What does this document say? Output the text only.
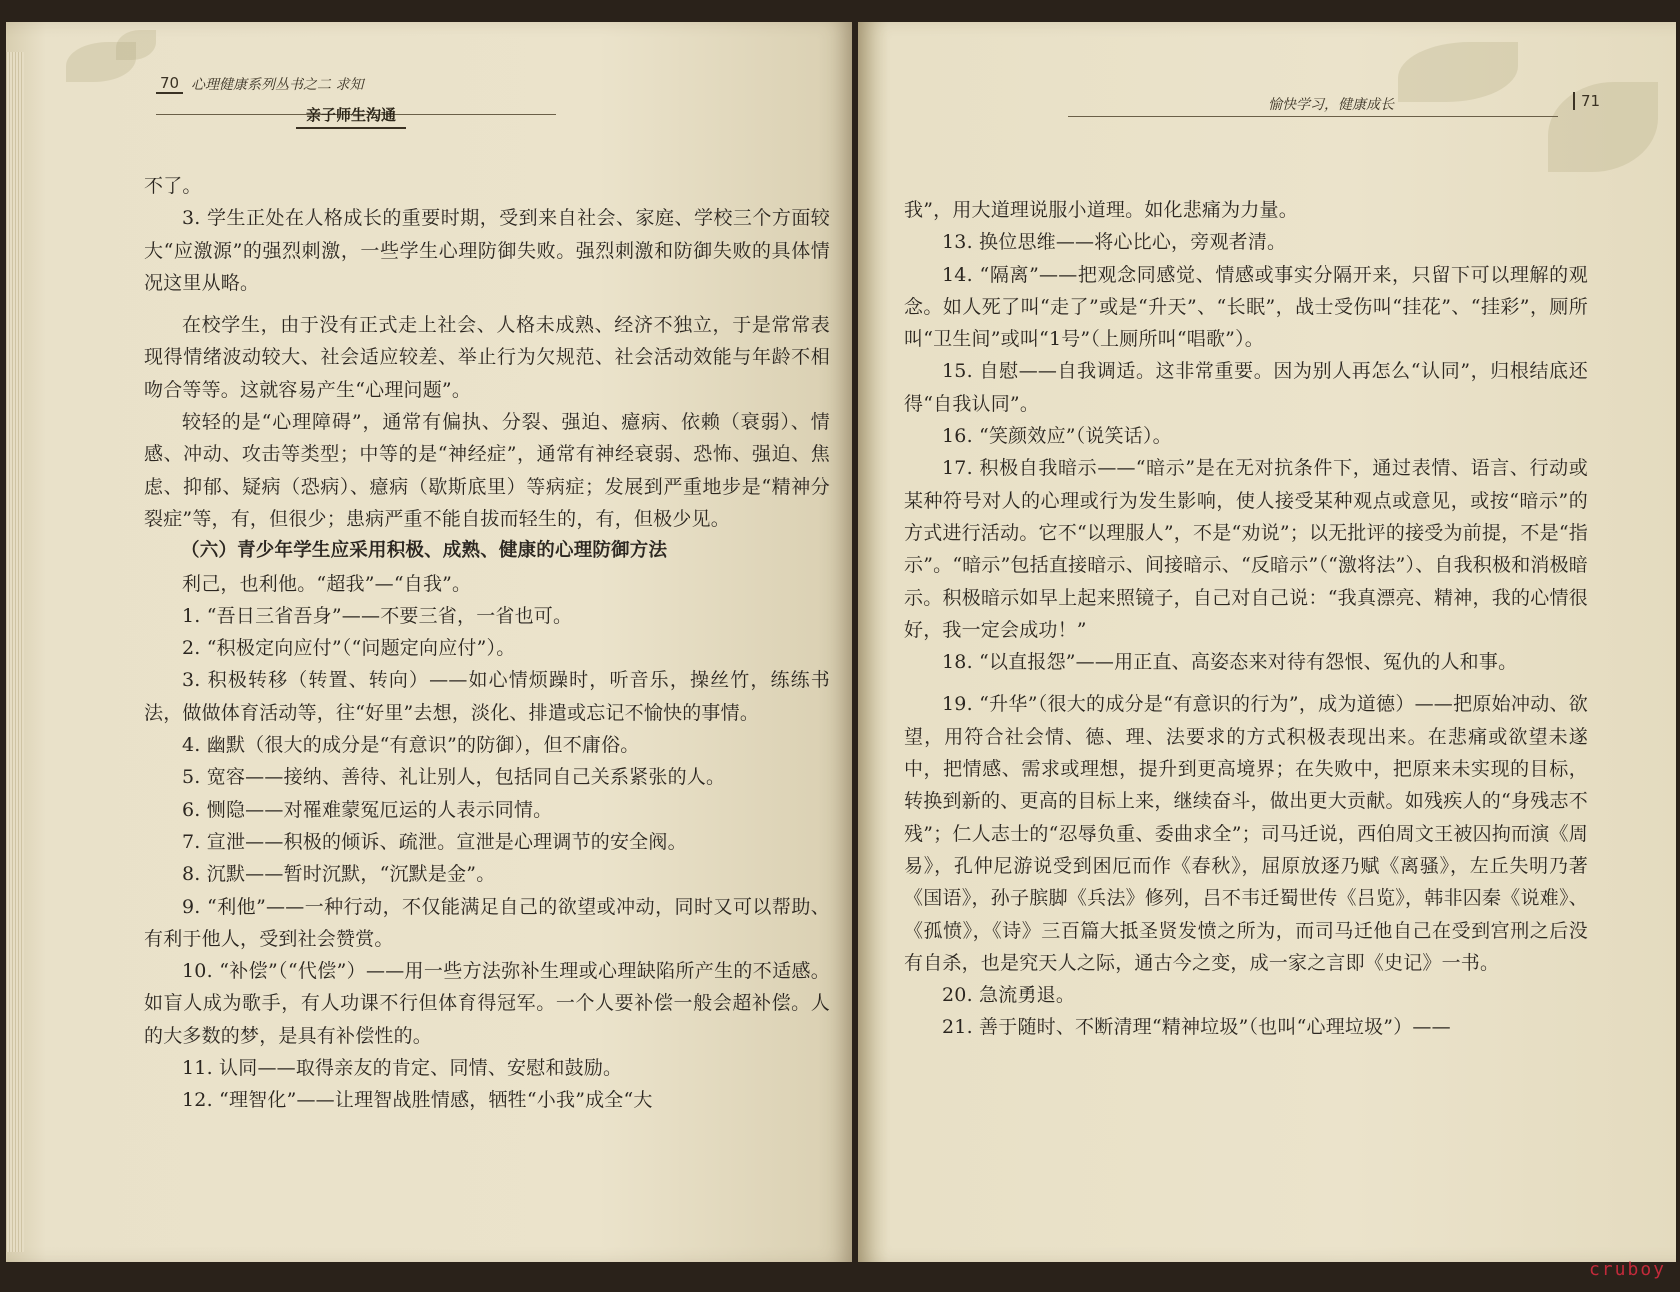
70 心理健康系列丛书之二 求知
亲子师生沟通

不了。

3. 学生正处在人格成长的重要时期，受到来自社会、家庭、学校三个方面较大“应激源”的强烈刺激，一些学生心理防御失败。强烈刺激和防御失败的具体情况这里从略。

在校学生，由于没有正式走上社会、人格未成熟、经济不独立，于是常常表现得情绪波动较大、社会适应较差、举止行为欠规范、社会活动效能与年龄不相吻合等等。这就容易产生“心理问题”。

较轻的是“心理障碍”，通常有偏执、分裂、强迫、癔病、依赖（衰弱）、情感、冲动、攻击等类型；中等的是“神经症”，通常有神经衰弱、恐怖、强迫、焦虑、抑郁、疑病（恐病）、癔病（歇斯底里）等病症；发展到严重地步是“精神分裂症”等，有，但很少；患病严重不能自拔而轻生的，有，但极少见。

（六）青少年学生应采用积极、成熟、健康的心理防御方法

利己，也利他。“超我”—“自我”。

1. “吾日三省吾身”——不要三省，一省也可。

2. “积极定向应付”（“问题定向应付”）。

3. 积极转移（转置、转向）——如心情烦躁时，听音乐，操丝竹，练练书法，做做体育活动等，往“好里”去想，淡化、排遣或忘记不愉快的事情。

4. 幽默（很大的成分是“有意识”的防御），但不庸俗。

5. 宽容——接纳、善待、礼让别人，包括同自己关系紧张的人。

6. 恻隐——对罹难蒙冤厄运的人表示同情。

7. 宣泄——积极的倾诉、疏泄。宣泄是心理调节的安全阀。

8. 沉默——暂时沉默，“沉默是金”。

9. “利他”——一种行动，不仅能满足自己的欲望或冲动，同时又可以帮助、有利于他人，受到社会赞赏。

10. “补偿”（“代偿”）——用一些方法弥补生理或心理缺陷所产生的不适感。如盲人成为歌手，有人功课不行但体育得冠军。一个人要补偿一般会超补偿。人的大多数的梦，是具有补偿性的。

11. 认同——取得亲友的肯定、同情、安慰和鼓励。

12. “理智化”——让理智战胜情感，牺牲“小我”成全“大

愉快学习，健康成长	71

我”，用大道理说服小道理。如化悲痛为力量。

13. 换位思维——将心比心，旁观者清。

14. “隔离”——把观念同感觉、情感或事实分隔开来，只留下可以理解的观念。如人死了叫“走了”或是“升天”、“长眠”，战士受伤叫“挂花”、“挂彩”，厕所叫“卫生间”或叫“1号”（上厕所叫“唱歌”）。

15. 自慰——自我调适。这非常重要。因为别人再怎么“认同”，归根结底还得“自我认同”。

16. “笑颜效应”（说笑话）。

17. 积极自我暗示——“暗示”是在无对抗条件下，通过表情、语言、行动或某种符号对人的心理或行为发生影响，使人接受某种观点或意见，或按“暗示”的方式进行活动。它不“以理服人”，不是“劝说”；以无批评的接受为前提，不是“指示”。“暗示”包括直接暗示、间接暗示、“反暗示”（“激将法”）、自我积极和消极暗示。积极暗示如早上起来照镜子，自己对自己说：“我真漂亮、精神，我的心情很好，我一定会成功！”

18. “以直报怨”——用正直、高姿态来对待有怨恨、冤仇的人和事。

19. “升华”（很大的成分是“有意识的行为”，成为道德）——把原始冲动、欲望，用符合社会情、德、理、法要求的方式积极表现出来。在悲痛或欲望未遂中，把情感、需求或理想，提升到更高境界；在失败中，把原来未实现的目标，转换到新的、更高的目标上来，继续奋斗，做出更大贡献。如残疾人的“身残志不残”；仁人志士的“忍辱负重、委曲求全”；司马迁说，西伯周文王被囚拘而演《周易》，孔仲尼游说受到困厄而作《春秋》，屈原放逐乃赋《离骚》，左丘失明乃著《国语》，孙子膑脚《兵法》修列，吕不韦迁蜀世传《吕览》，韩非囚秦《说难》、《孤愤》，《诗》三百篇大抵圣贤发愤之所为，而司马迁他自己在受到宫刑之后没有自杀，也是究天人之际，通古今之变，成一家之言即《史记》一书。

20. 急流勇退。

21. 善于随时、不断清理“精神垃圾”（也叫“心理垃圾”）——

cruboy
